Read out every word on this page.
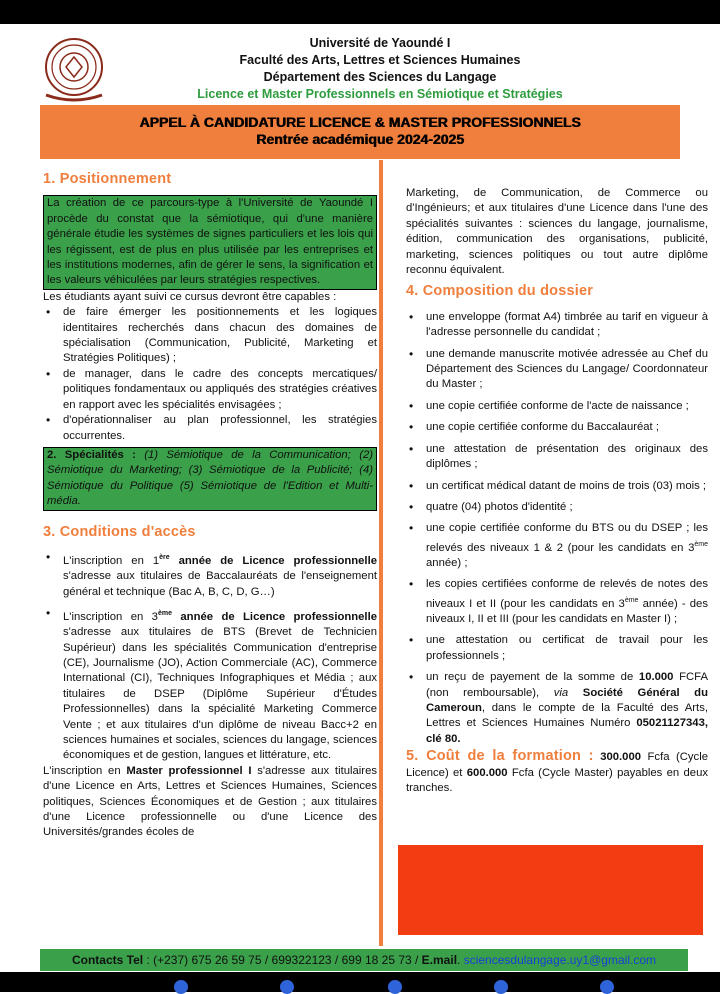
Université de Yaoundé I
Faculté des Arts, Lettres et Sciences Humaines
Département des Sciences du Langage
Licence et Master Professionnels en Sémiotique et Stratégies
APPEL À CANDIDATURE LICENCE & MASTER PROFESSIONNELS
Rentrée académique 2024-2025
1. Positionnement
La création de ce parcours-type à l'Université de Yaoundé I procède du constat que la sémiotique, qui d'une manière générale étudie les systèmes de signes particuliers et les lois qui les régissent, est de plus en plus utilisée par les entreprises et les institutions modernes, afin de gérer le sens, la signification et les valeurs véhiculées par leurs stratégies respectives.
Les étudiants ayant suivi ce cursus devront être capables :
• de faire émerger les positionnements et les logiques identitaires recherchés dans chacun des domaines de spécialisation (Communication, Publicité, Marketing et Stratégies Politiques) ;
• de manager, dans le cadre des concepts mercatiques/ politiques fondamentaux ou appliqués des stratégies créatives en rapport avec les spécialités envisagées ;
• d'opérationnaliser au plan professionnel, les stratégies occurrentes.
2. Spécialités : (1) Sémiotique de la Communication; (2) Sémiotique du Marketing; (3) Sémiotique de la Publicité; (4) Sémiotique du Politique (5) Sémiotique de l'Edition et Multi-média.
3. Conditions d'accès
• L'inscription en 1ère année de Licence professionnelle s'adresse aux titulaires de Baccalauréats de l'enseignement général et technique (Bac A, B, C, D, G…)
• L'inscription en 3ème année de Licence professionnelle s'adresse aux titulaires de BTS (Brevet de Technicien Supérieur) dans les spécialités Communication d'entreprise (CE), Journalisme (JO), Action Commerciale (AC), Commerce International (CI), Techniques Infographiques et Média ; aux titulaires de DSEP (Diplôme Supérieur d'Études Professionnelles) dans la spécialité Marketing Commerce Vente ; et aux titulaires d'un diplôme de niveau Bacc+2 en sciences humaines et sociales, sciences du langage, sciences économiques et de gestion, langues et littérature, etc.
L'inscription en Master professionnel I s'adresse aux titulaires d'une Licence en Arts, Lettres et Sciences Humaines, Sciences politiques, Sciences Économiques et de Gestion ; aux titulaires d'une Licence professionnelle ou d'une Licence des Universités/grandes écoles de
Marketing, de Communication, de Commerce ou d'Ingénieurs; et aux titulaires d'une Licence dans l'une des spécialités suivantes : sciences du langage, journalisme, édition, communication des organisations, publicité, marketing, sciences politiques ou tout autre diplôme reconnu équivalent.
4. Composition du dossier
• une enveloppe (format A4) timbrée au tarif en vigueur à l'adresse personnelle du candidat ;
• une demande manuscrite motivée adressée au Chef du Département des Sciences du Langage/ Coordonnateur du Master ;
• une copie certifiée conforme de l'acte de naissance ;
• une copie certifiée conforme du Baccalauréat ;
• une attestation de présentation des originaux des diplômes ;
• un certificat médical datant de moins de trois (03) mois ;
• quatre (04) photos d'identité ;
• une copie certifiée conforme du BTS ou du DSEP ; les relevés des niveaux 1 & 2 (pour les candidats en 3ème année) ;
• les copies certifiées conforme de relevés de notes des niveaux I et II (pour les candidats en 3ème année) - des niveaux I, II et III (pour les candidats en Master I) ;
• une attestation ou certificat de travail pour les professionnels ;
• un reçu de payement de la somme de 10.000 FCFA (non remboursable), via Société Général du Cameroun, dans le compte de la Faculté des Arts, Lettres et Sciences Humaines Numéro 05021127343, clé 80.
5. Coût de la formation : 300.000 Fcfa (Cycle Licence) et 600.000 Fcfa (Cycle Master) payables en deux tranches.
Contacts Tel : (+237) 675 26 59 75 / 699322123 / 699 18 25 73 / E.mail. sciencesdulangage.uy1@gmail.com
